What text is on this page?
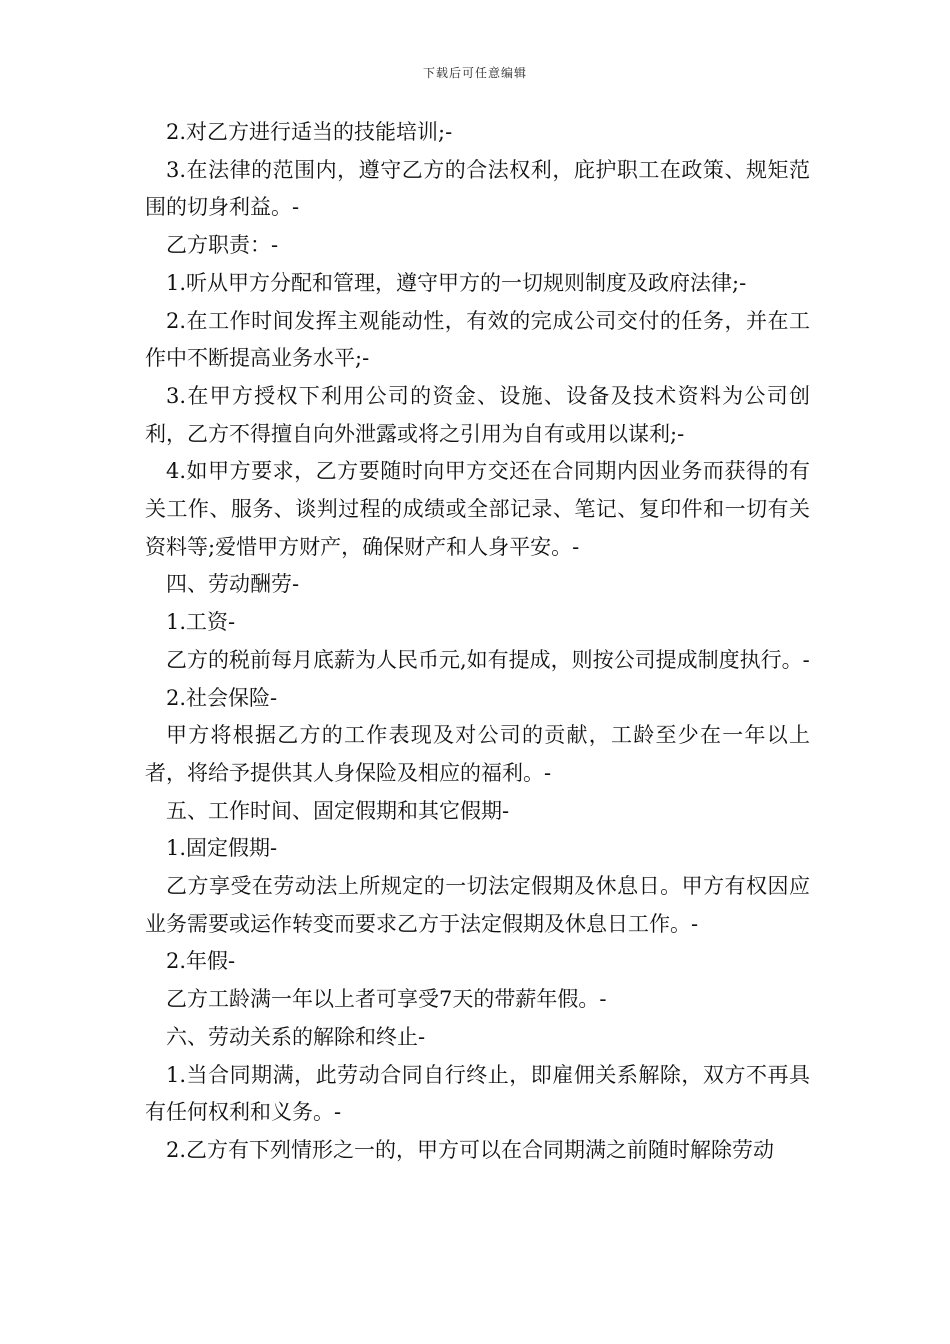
下载后可任意编辑

2.对乙方进行适当的技能培训;-

3.在法律的范围内，遵守乙方的合法权利，庇护职工在政策、规矩范围的切身利益。-

乙方职责：-

1.听从甲方分配和管理，遵守甲方的一切规则制度及政府法律;-

2.在工作时间发挥主观能动性，有效的完成公司交付的任务，并在工作中不断提高业务水平;-

3.在甲方授权下利用公司的资金、设施、设备及技术资料为公司创利，乙方不得擅自向外泄露或将之引用为自有或用以谋利;-

4.如甲方要求，乙方要随时向甲方交还在合同期内因业务而获得的有关工作、服务、谈判过程的成绩或全部记录、笔记、复印件和一切有关资料等;爱惜甲方财产，确保财产和人身平安。-

四、劳动酬劳-

1.工资-

乙方的税前每月底薪为人民币元,如有提成，则按公司提成制度执行。-

2.社会保险-

甲方将根据乙方的工作表现及对公司的贡献，工龄至少在一年以上者，将给予提供其人身保险及相应的福利。-

五、工作时间、固定假期和其它假期-

1.固定假期-

乙方享受在劳动法上所规定的一切法定假期及休息日。甲方有权因应业务需要或运作转变而要求乙方于法定假期及休息日工作。-

2.年假-

乙方工龄满一年以上者可享受7天的带薪年假。-

六、劳动关系的解除和终止-

1.当合同期满，此劳动合同自行终止，即雇佣关系解除，双方不再具有任何权利和义务。-

2.乙方有下列情形之一的，甲方可以在合同期满之前随时解除劳动
